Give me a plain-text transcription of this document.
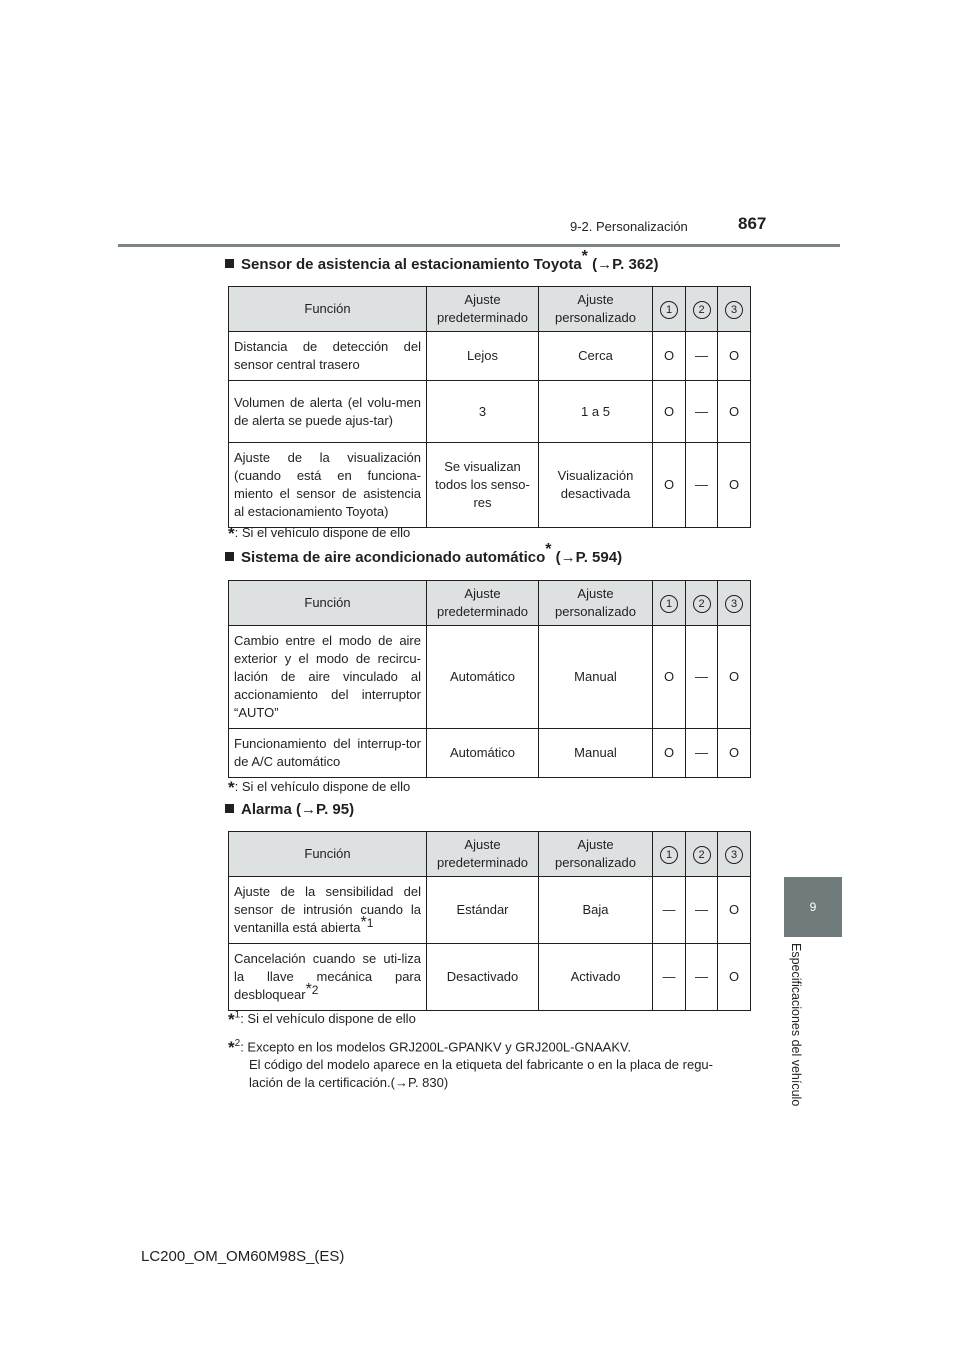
9-2. Personalización	867
9
Especificaciones del vehículo
Sensor de asistencia al estacionamiento Toyota* (→P. 362)
Función	Ajuste predeterminado	Ajuste personalizado	1	2	3
Distancia de detección del sensor central trasero	Lejos	Cerca	O	—	O
Volumen de alerta (el volu-men de alerta se puede ajus-tar)	3	1 a 5	O	—	O
Ajuste de la visualización (cuando está en funciona-miento el sensor de asistencia al estacionamiento Toyota)	Se visualizan todos los senso-res	Visualización desactivada	O	—	O
*: Si el vehículo dispone de ello
Sistema de aire acondicionado automático* (→P. 594)
Función	Ajuste predeterminado	Ajuste personalizado	1	2	3
Cambio entre el modo de aire exterior y el modo de recircu-lación de aire vinculado al accionamiento del interruptor “AUTO”	Automático	Manual	O	—	O
Funcionamiento del interrup-tor de A/C automático	Automático	Manual	O	—	O
*: Si el vehículo dispone de ello
Alarma (→P. 95)
Función	Ajuste predeterminado	Ajuste personalizado	1	2	3
Ajuste de la sensibilidad del sensor de intrusión cuando la ventanilla está abierta$^{*1}$	Estándar	Baja	—	—	O
Cancelación cuando se uti-liza la llave mecánica para desbloquear$^{*2}$	Desactivado	Activado	—	—	O
*$^1$: Si el vehículo dispone de ello
*$^2$: Excepto en los modelos GRJ200L-GPANKV y GRJ200L-GNAAKV.
El código del modelo aparece en la etiqueta del fabricante o en la placa de regu-
lación de la certificación.(→P. 830)
LC200_OM_OM60M98S_(ES)
